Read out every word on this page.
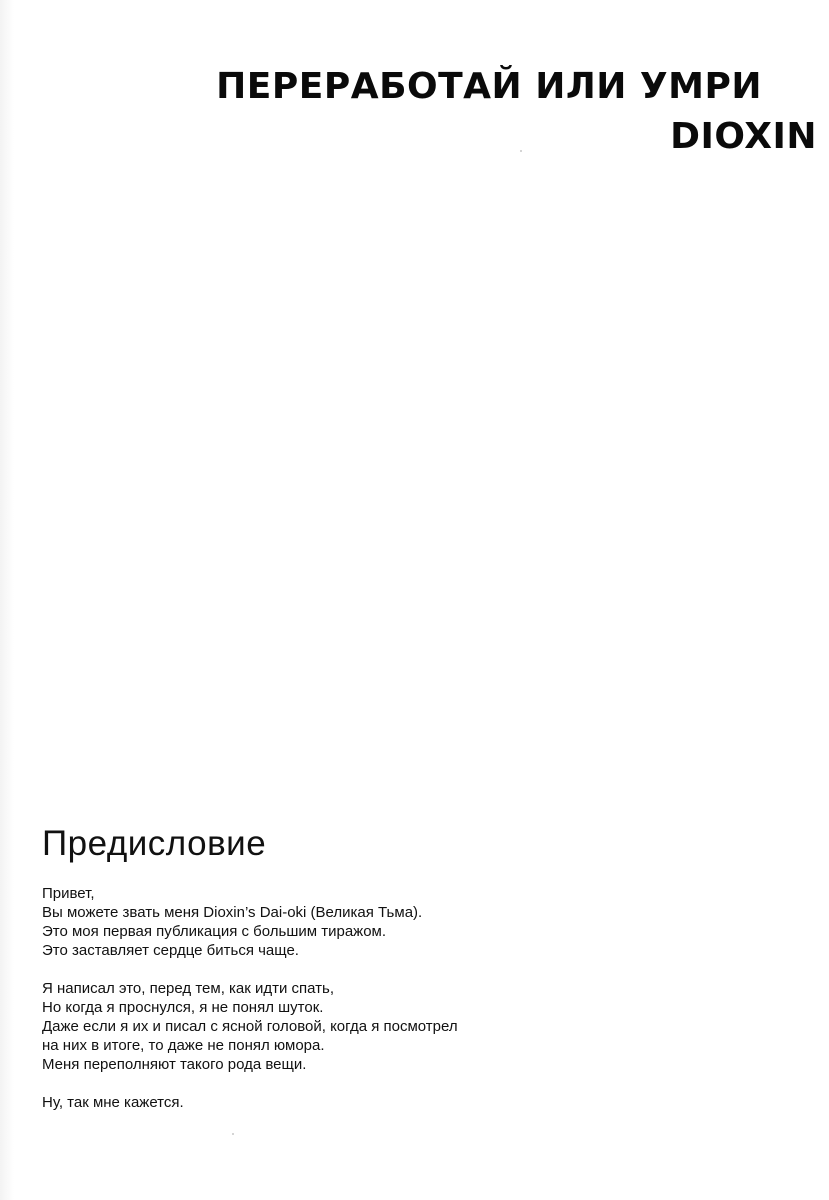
ПЕРЕРАБОТАЙ ИЛИ УМРИ
DIOXIN
Предисловие
Привет,
Вы можете звать меня Dioxin’s Dai-oki (Великая Тьма).
Это моя первая публикация с большим тиражом.
Это заставляет сердце биться чаще.
Я написал это, перед тем, как идти спать,
Но когда я проснулся, я не понял шуток.
Даже если я их и писал с ясной головой, когда я посмотрел
на них в итоге, то даже не понял юмора.
Меня переполняют такого рода вещи.
Ну, так мне кажется.
